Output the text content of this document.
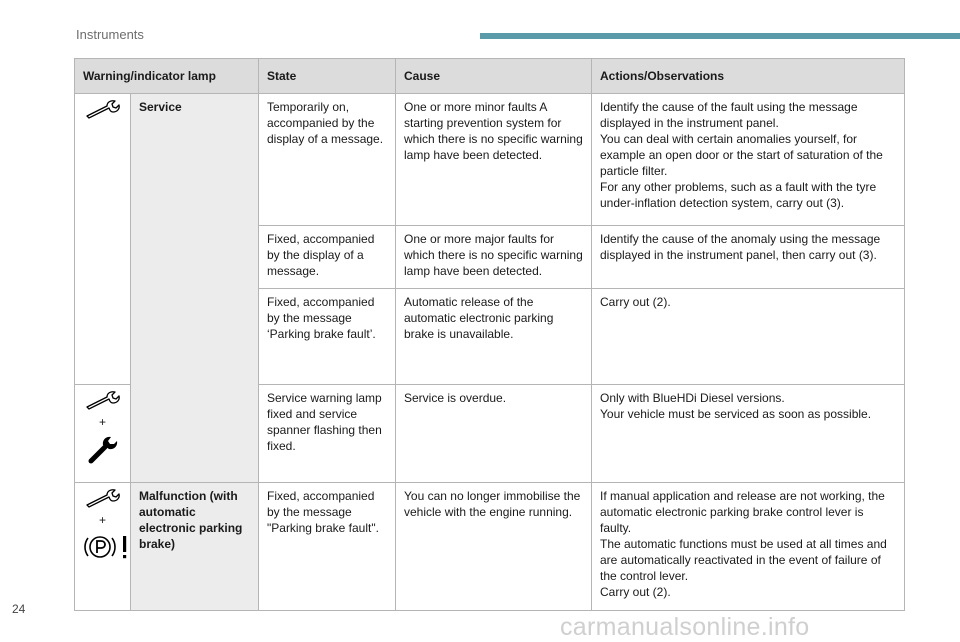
Instruments
Warning/indicator lamp		State	Cause	Actions/Observations

	Service	Temporarily on, accompanied by the display of a message.	One or more minor faults A starting prevention system for which there is no specific warning lamp have been detected.	Identify the cause of the fault using the message displayed in the instrument panel.
You can deal with certain anomalies yourself, for example an open door or the start of saturation of the particle filter.
For any other problems, such as a fault with the tyre under-inflation detection system, carry out (3).

		Fixed, accompanied by the display of a message.	One or more major faults for which there is no specific warning lamp have been detected.	Identify the cause of the anomaly using the message displayed in the instrument panel, then carry out (3).

		Fixed, accompanied by the message ‘Parking brake fault’.	Automatic release of the automatic electronic parking brake is unavailable.	Carry out (2).

+		Service warning lamp fixed and service spanner flashing then fixed.	Service is overdue.	Only with BlueHDi Diesel versions.
Your vehicle must be serviced as soon as possible.

+	Malfunction (with automatic electronic parking brake)	Fixed, accompanied by the message "Parking brake fault".	You can no longer immobilise the vehicle with the engine running.	If manual application and release are not working, the automatic electronic parking brake control lever is faulty.
The automatic functions must be used at all times and are automatically reactivated in the event of failure of the control lever.
Carry out (2).
24
carmanualsonline.info
